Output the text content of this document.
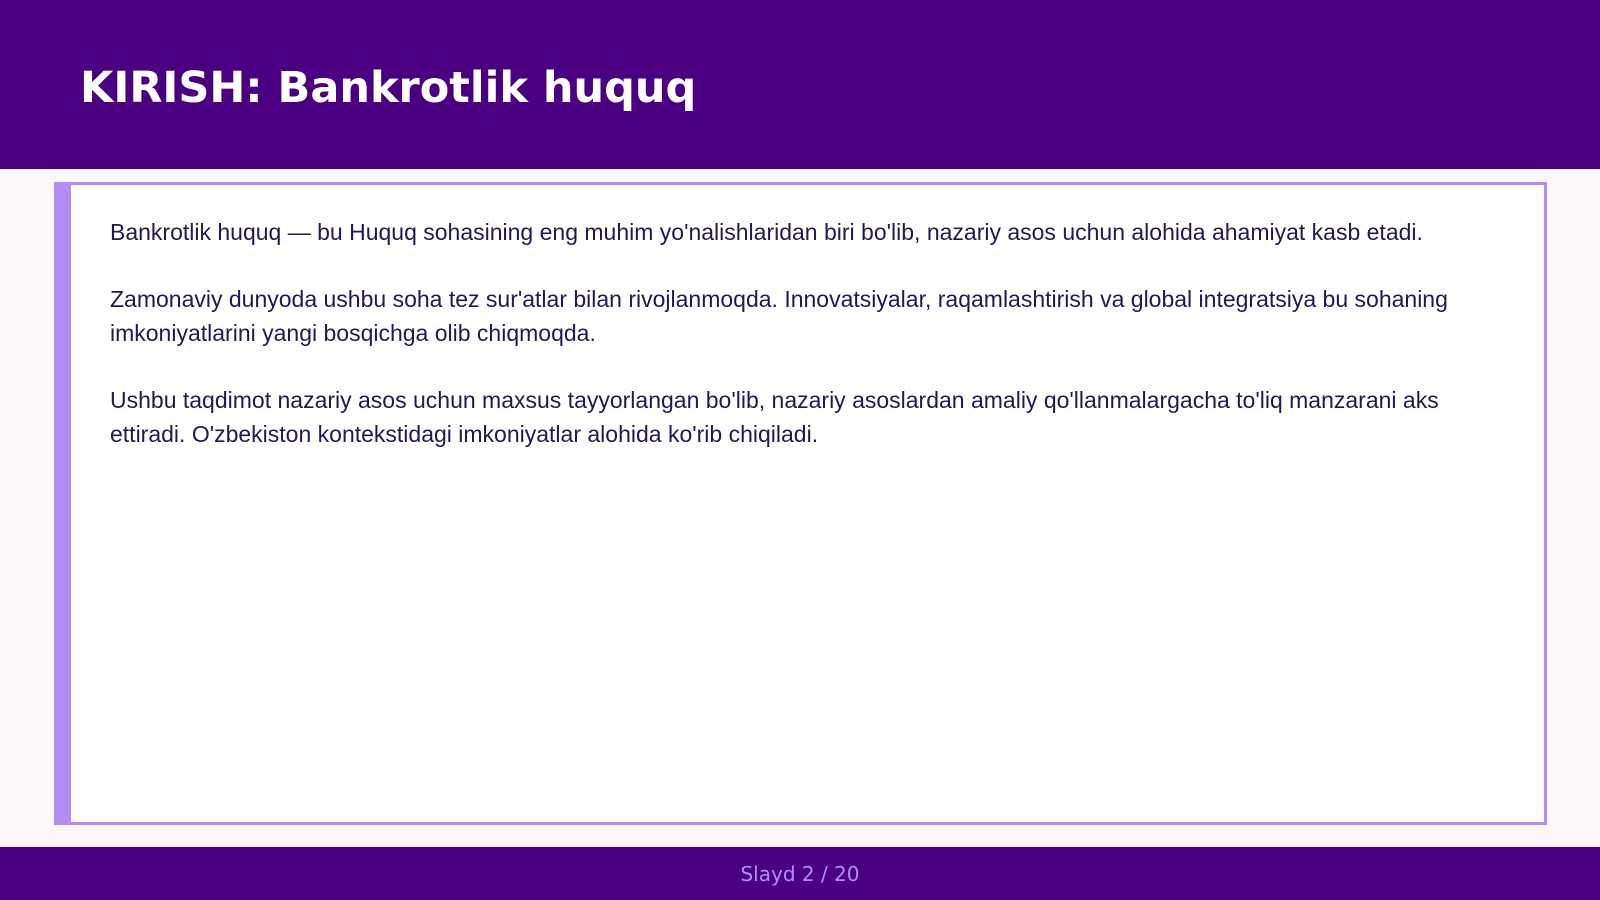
KIRISH: Bankrotlik huquq

Bankrotlik huquq — bu Huquq sohasining eng muhim yo'nalishlaridan biri bo'lib, nazariy asos uchun alohida ahamiyat kasb etadi.

Zamonaviy dunyoda ushbu soha tez sur'atlar bilan rivojlanmoqda. Innovatsiyalar, raqamlashtirish va global integratsiya bu sohaning imkoniyatlarini yangi bosqichga olib chiqmoqda.

Ushbu taqdimot nazariy asos uchun maxsus tayyorlangan bo'lib, nazariy asoslardan amaliy qo'llanmalargacha to'liq manzarani aks ettiradi. O'zbekiston kontekstidagi imkoniyatlar alohida ko'rib chiqiladi.

Slayd 2 / 20
